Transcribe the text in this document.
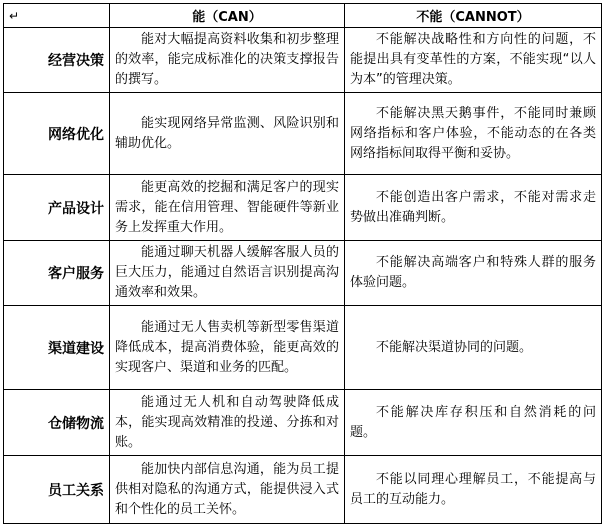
↵	能（CAN）	不能（CANNOT）
经营决策	能对大幅提高资料收集和初步整理的效率，能完成标准化的决策支撑报告的撰写。	不能解决战略性和方向性的问题，不能提出具有变革性的方案，不能实现“以人为本”的管理决策。

网络优化	能实现网络异常监测、风险识别和辅助优化。	不能解决黑天鹅事件，不能同时兼顾网络指标和客户体验，不能动态的在各类网络指标间取得平衡和妥协。

产品设计	能更高效的挖掘和满足客户的现实需求，能在信用管理、智能硬件等新业务上发挥重大作用。	不能创造出客户需求，不能对需求走势做出准确判断。

客户服务	能通过聊天机器人缓解客服人员的巨大压力，能通过自然语言识别提高沟通效率和效果。	不能解决高端客户和特殊人群的服务体验问题。

渠道建设	能通过无人售卖机等新型零售渠道降低成本，提高消费体验，能更高效的实现客户、渠道和业务的匹配。	不能解决渠道协同的问题。

仓储物流	能通过无人机和自动驾驶降低成本，能实现高效精准的投递、分拣和对账。	不能解决库存积压和自然消耗的问题。

员工关系	能加快内部信息沟通，能为员工提供相对隐私的沟通方式，能提供浸入式和个性化的员工关怀。	不能以同理心理解员工，不能提高与员工的互动能力。
